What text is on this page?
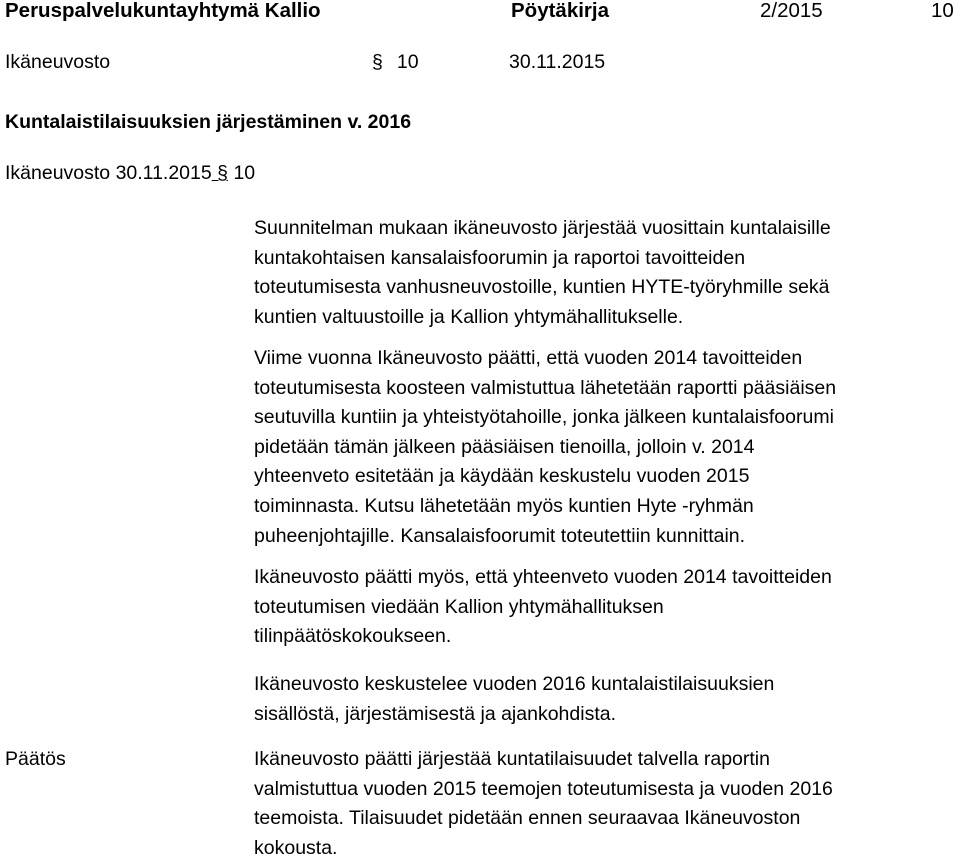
Peruspalvelukuntayhtymä Kallio	Pöytäkirja	2/2015	10
Ikäneuvosto	§ 10	30.11.2015
Kuntalaistilaisuuksien järjestäminen v. 2016
Ikäneuvosto 30.11.2015 § 10
Suunnitelman mukaan ikäneuvosto järjestää vuosittain kuntalaisille
kuntakohtaisen kansalaisfoorumin ja raportoi tavoitteiden
toteutumisesta vanhusneuvostoille, kuntien HYTE-työryhmille sekä
kuntien valtuustoille ja Kallion yhtymähallitukselle.
Viime vuonna Ikäneuvosto päätti, että vuoden 2014 tavoitteiden
toteutumisesta koosteen valmistuttua lähetetään raportti pääsiäisen
seutuvilla kuntiin ja yhteistyötahoille, jonka jälkeen kuntalaisfoorumi
pidetään tämän jälkeen pääsiäisen tienoilla, jolloin v. 2014
yhteenveto esitetään ja käydään keskustelu vuoden 2015
toiminnasta. Kutsu lähetetään myös kuntien Hyte -ryhmän
puheenjohtajille. Kansalaisfoorumit toteutettiin kunnittain.
Ikäneuvosto päätti myös, että yhteenveto vuoden 2014 tavoitteiden
toteutumisen viedään Kallion yhtymähallituksen
tilinpäätöskokoukseen.
Ikäneuvosto keskustelee vuoden 2016 kuntalaistilaisuuksien
sisällöstä, järjestämisestä ja ajankohdista.
Päätös	Ikäneuvosto päätti järjestää kuntatilaisuudet talvella raportin
valmistuttua vuoden 2015 teemojen toteutumisesta ja vuoden 2016
teemoista. Tilaisuudet pidetään ennen seuraavaa Ikäneuvoston
kokousta.
